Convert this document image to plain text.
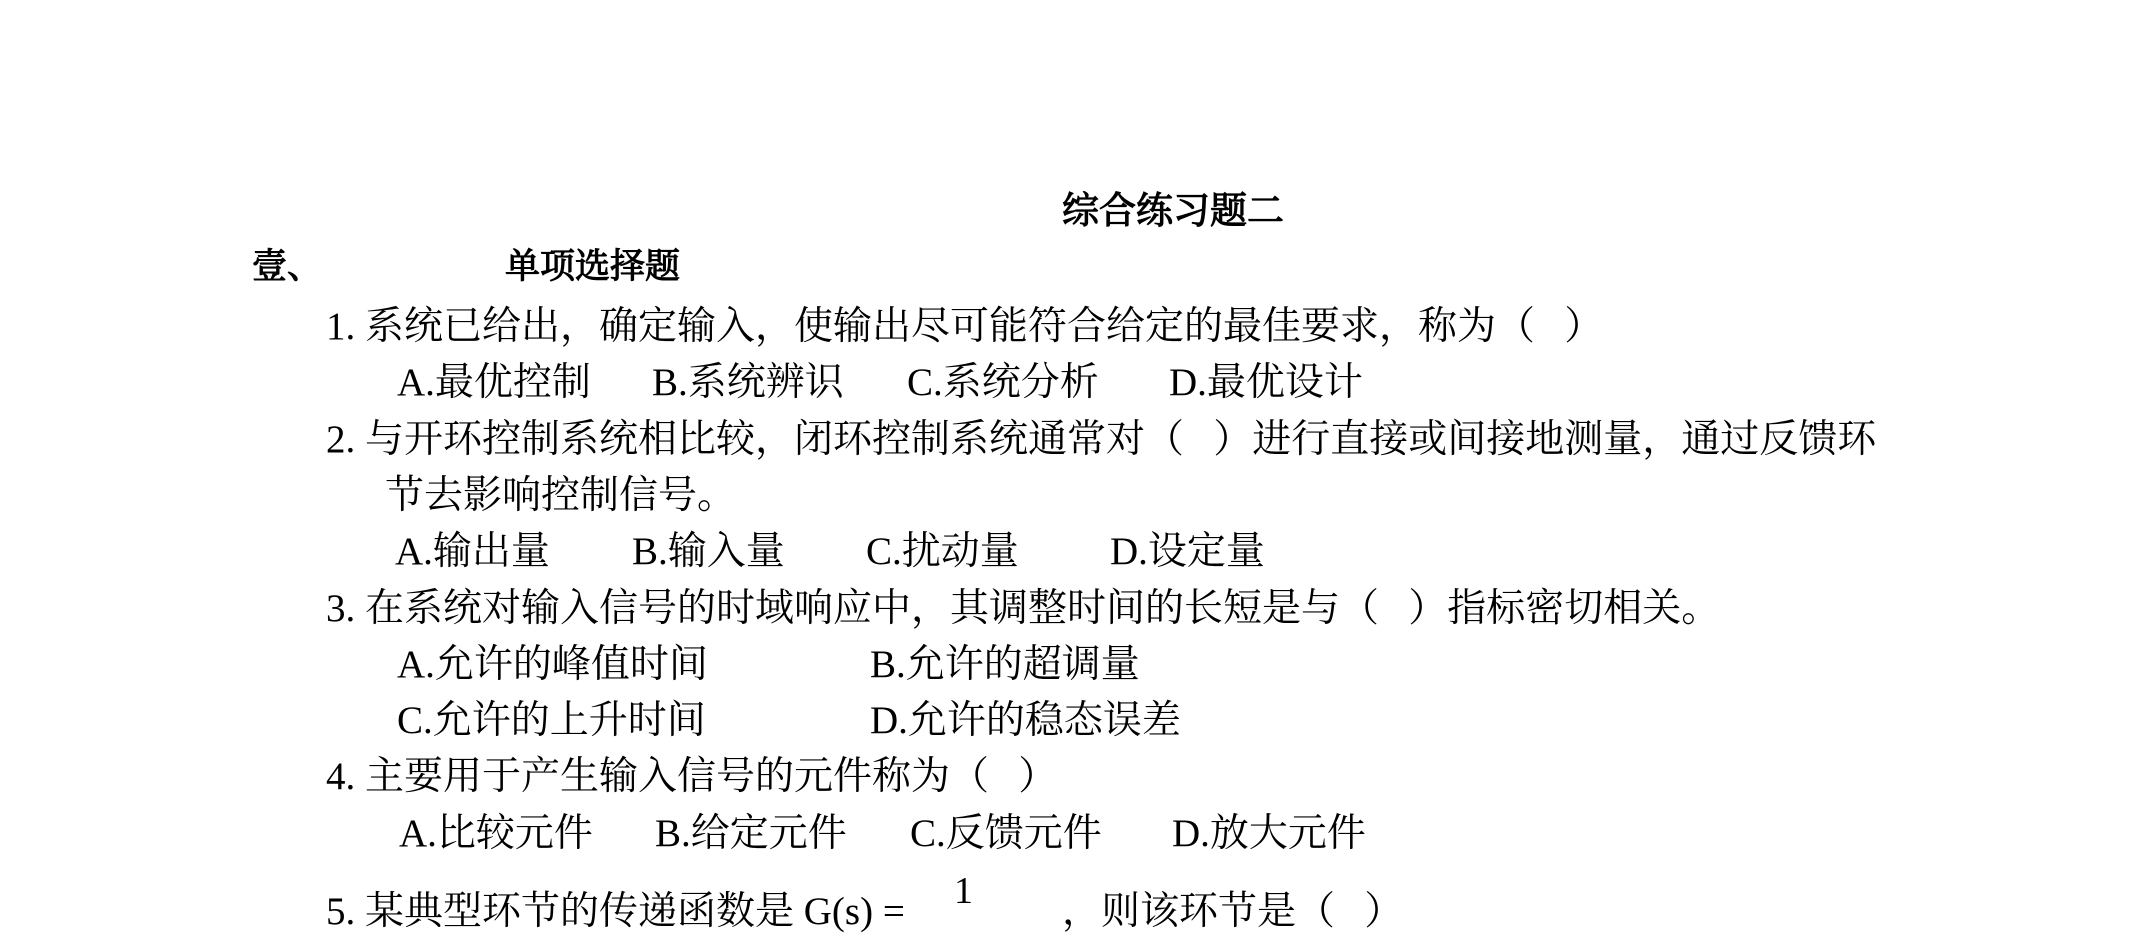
综合练习题二
壹、	单项选择题
1. 系统已给出，确定输入，使输出尽可能符合给定的最佳要求，称为（   ）
A.最优控制 B.系统辨识 C.系统分析 D.最优设计
2. 与开环控制系统相比较，闭环控制系统通常对（   ）进行直接或间接地测量，通过反馈环
节去影响控制信号。
A.输出量 B.输入量 C.扰动量 D.设定量
3. 在系统对输入信号的时域响应中，其调整时间的长短是与（   ）指标密切相关。
A.允许的峰值时间	B.允许的超调量
C.允许的上升时间	D.允许的稳态误差
4. 主要用于产生输入信号的元件称为（   ）
A.比较元件 B.给定元件 C.反馈元件 D.放大元件
5. 某典型环节的传递函数是 G(s) = 1 ，则该环节是（   ）
